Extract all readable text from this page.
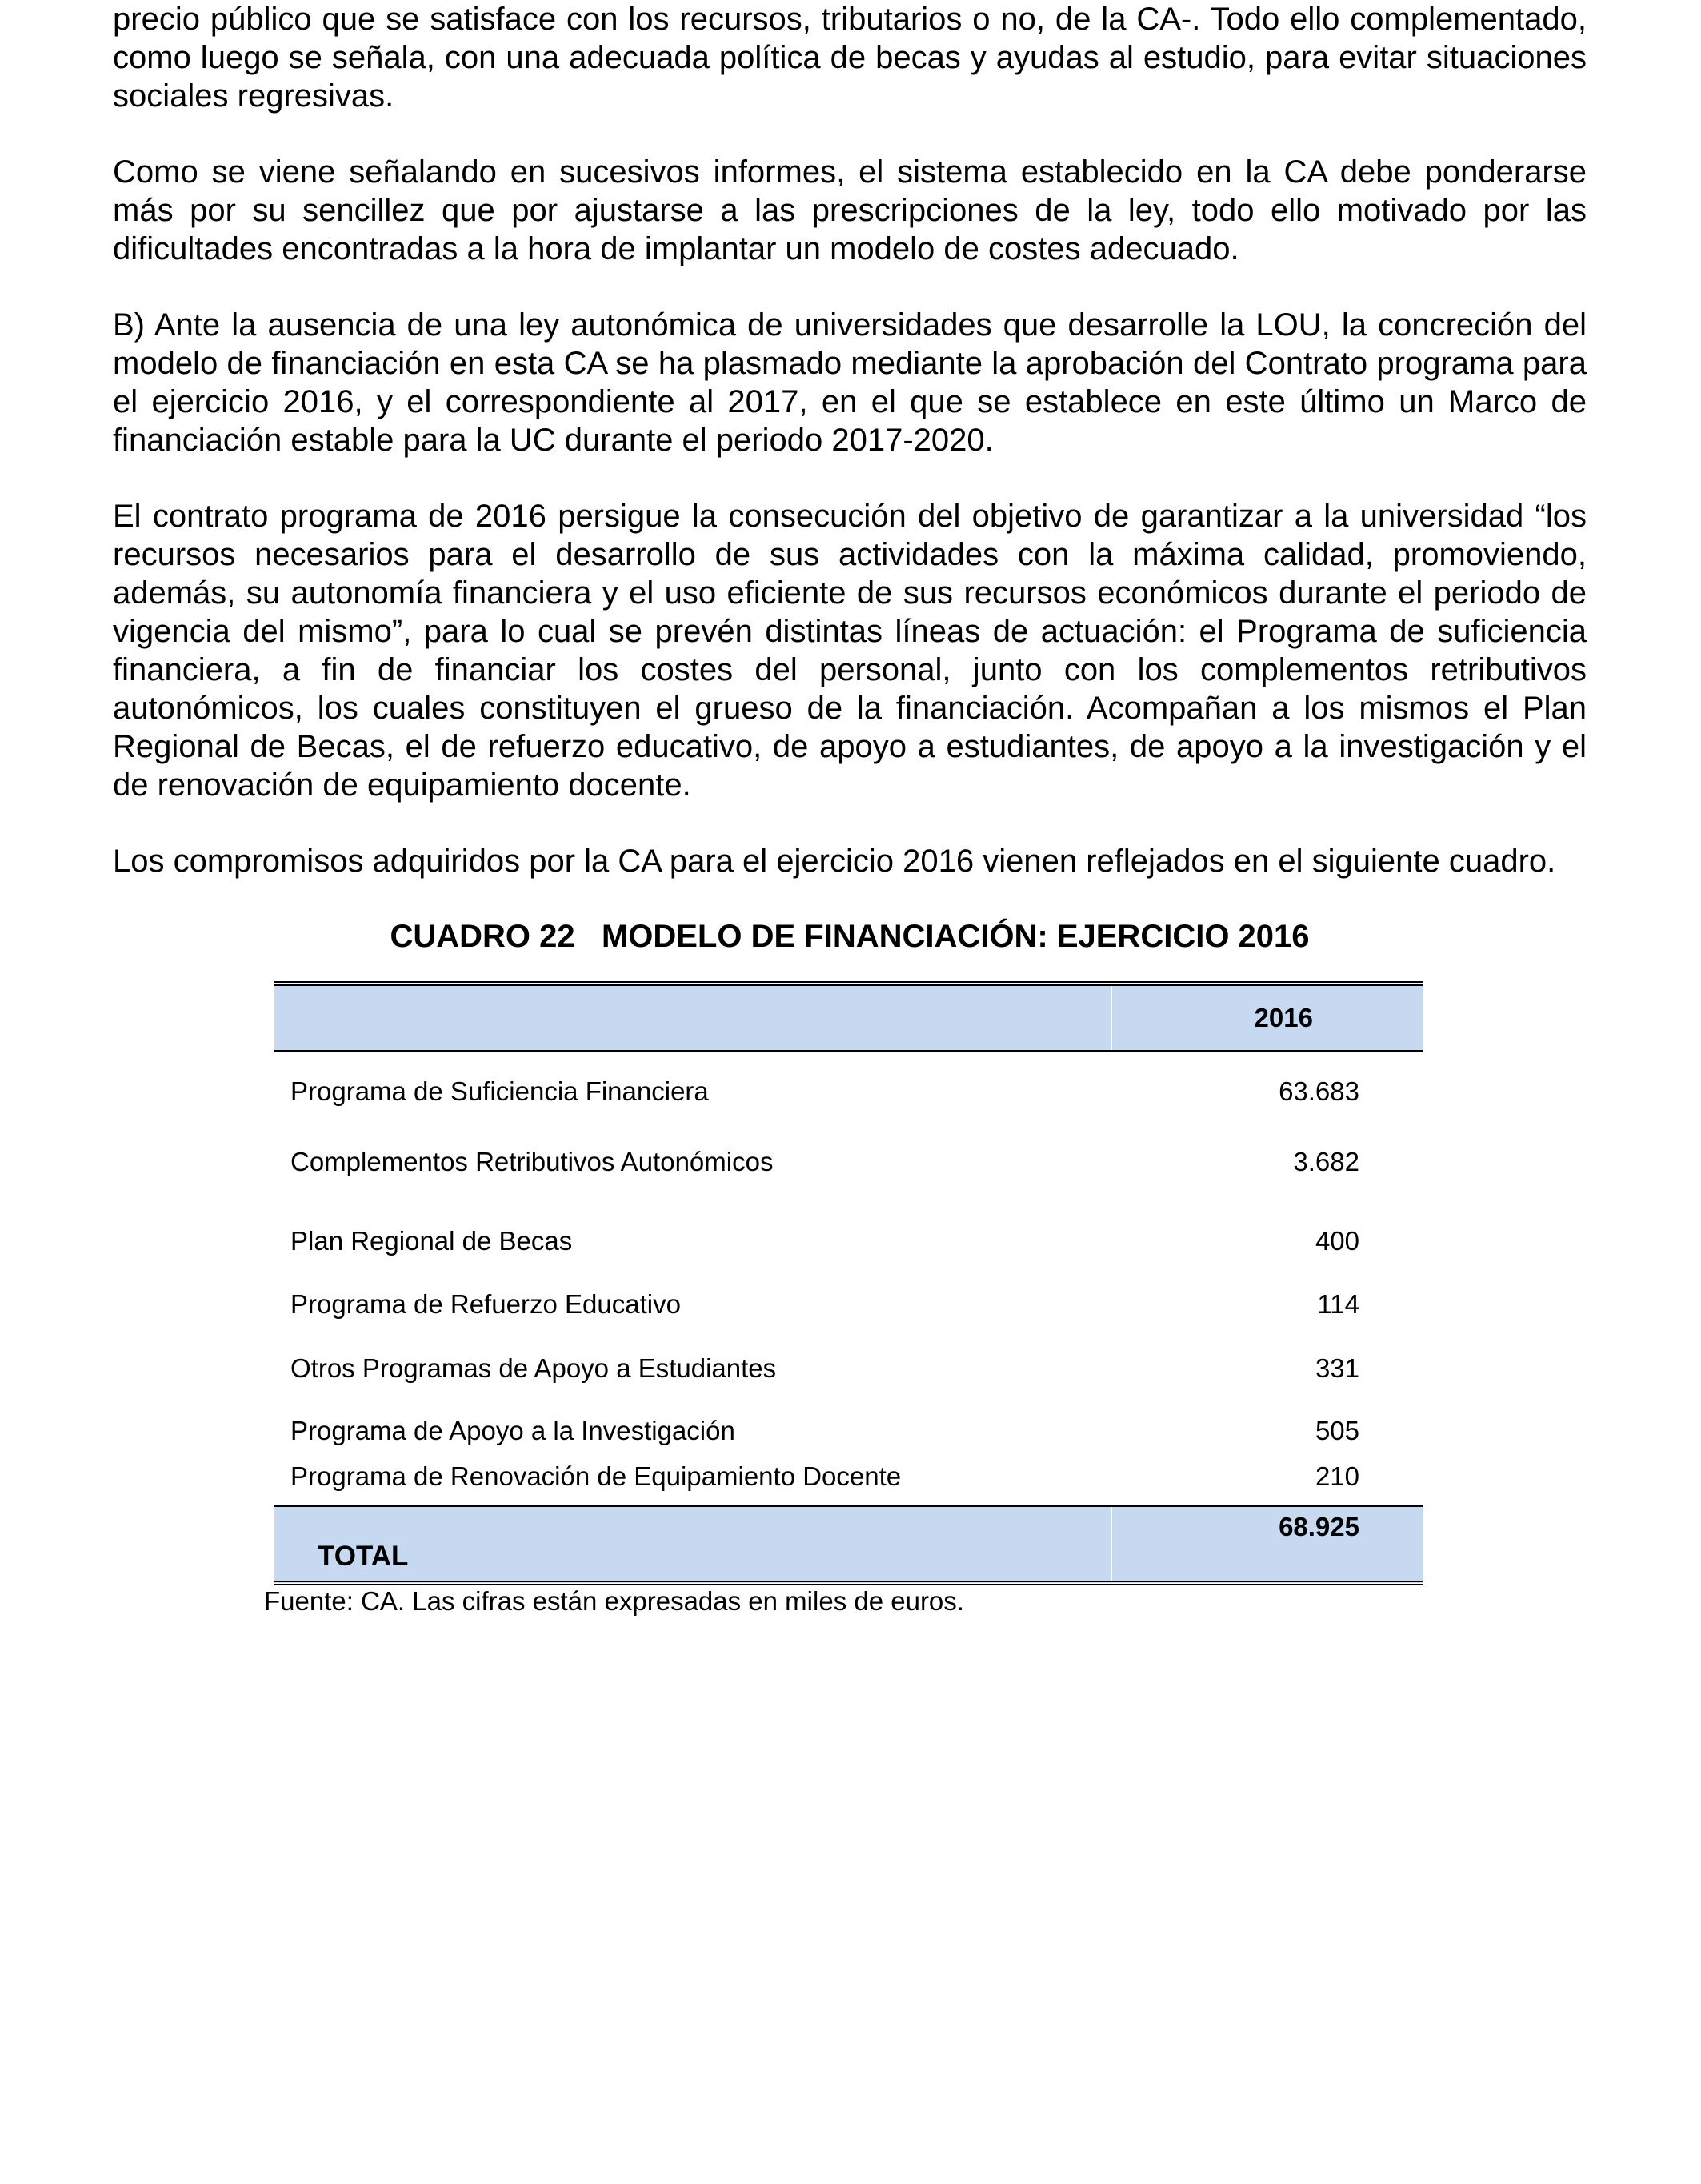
precio público que se satisface con los recursos, tributarios o no, de la CA-. Todo ello complementado, como luego se señala, con una adecuada política de becas y ayudas al estudio, para evitar situaciones sociales regresivas.

Como se viene señalando en sucesivos informes, el sistema establecido en la CA debe ponderarse más por su sencillez que por ajustarse a las prescripciones de la ley, todo ello motivado por las dificultades encontradas a la hora de implantar un modelo de costes adecuado.

B) Ante la ausencia de una ley autonómica de universidades que desarrolle la LOU, la concreción del modelo de financiación en esta CA se ha plasmado mediante la aprobación del Contrato programa para el ejercicio 2016, y el correspondiente al 2017, en el que se establece en este último un Marco de financiación estable para la UC durante el periodo 2017-2020.

El contrato programa de 2016 persigue la consecución del objetivo de garantizar a la universidad “los recursos necesarios para el desarrollo de sus actividades con la máxima calidad, promoviendo, además, su autonomía financiera y el uso eficiente de sus recursos económicos durante el periodo de vigencia del mismo”, para lo cual se prevén distintas líneas de actuación: el Programa de suficiencia financiera, a fin de financiar los costes del personal, junto con los complementos retributivos autonómicos, los cuales constituyen el grueso de la financiación. Acompañan a los mismos el Plan Regional de Becas, el de refuerzo educativo, de apoyo a estudiantes, de apoyo a la investigación y el de renovación de equipamiento docente.

Los compromisos adquiridos por la CA para el ejercicio 2016 vienen reflejados en el siguiente cuadro.

CUADRO 22   MODELO DE FINANCIACIÓN: EJERCICIO 2016
	2016
Programa de Suficiencia Financiera	63.683
Complementos Retributivos Autonómicos	3.682
Plan Regional de Becas	400
Programa de Refuerzo Educativo	114
Otros Programas de Apoyo a Estudiantes	331
Programa de Apoyo a la Investigación	505
Programa de Renovación de Equipamiento Docente	210
TOTAL	68.925

Fuente: CA. Las cifras están expresadas en miles de euros.
